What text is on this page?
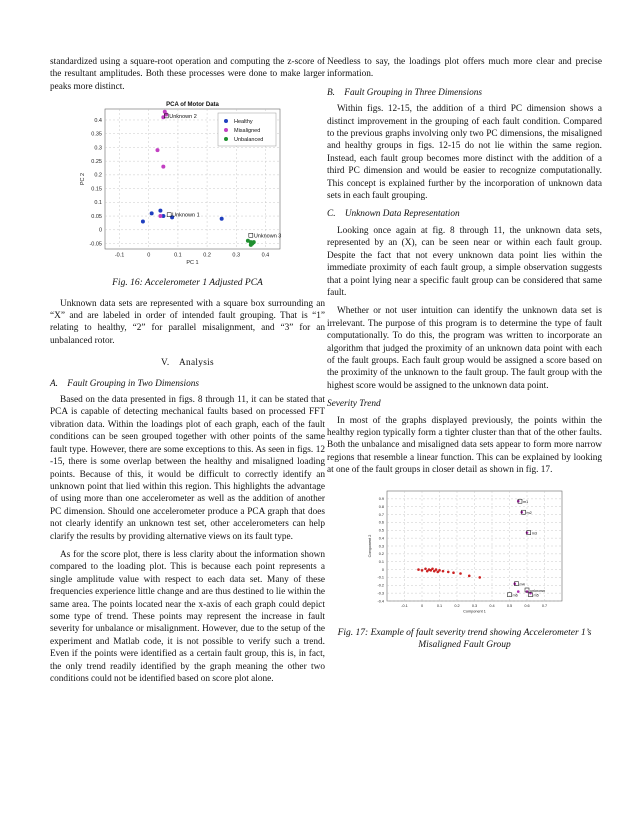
standardized using a square-root operation and computing the z-score of the resultant amplitudes. Both these processes were done to make larger peaks more distinct.

-0.1	0	0.1	0.2	0.3	0.4
-0.05
0
0.05
0.1
0.15
0.2
0.25
0.3
0.35
0.4
PCA of Motor Data
PC 1
PC 2
Unknown 2
Unknown 1
Unknown 3
Healthy
Misaligned
Unbalanced
Fig. 16: Accelerometer 1 Adjusted PCA

Unknown data sets are represented with a square box surrounding an “X” and are labeled in order of intended fault grouping. That is “1” relating to healthy, “2” for parallel misalignment, and “3” for an unbalanced rotor.

V. Analysis
A. Fault Grouping in Two Dimensions

Based on the data presented in figs. 8 through 11, it can be stated that PCA is capable of detecting mechanical faults based on processed FFT vibration data. Within the loadings plot of each graph, each of the fault conditions can be seen grouped together with other points of the same fault type. However, there are some exceptions to this. As seen in figs. 12 -15, there is some overlap between the healthy and misaligned loading points. Because of this, it would be difficult to correctly identify an unknown point that lied within this region. This highlights the advantage of using more than one accelerometer as well as the addition of another PC dimension. Should one accelerometer produce a PCA graph that does not clearly identify an unknown test set, other accelerometers can help clarify the results by providing alternative views on its fault type.

As for the score plot, there is less clarity about the information shown compared to the loading plot. This is because each point represents a single amplitude value with respect to each data set. Many of these frequencies experience little change and are thus destined to lie within the same area. The points located near the x-axis of each graph could depict some type of trend. These points may represent the increase in fault severity for unbalance or misalignment. However, due to the setup of the experiment and Matlab code, it is not possible to verify such a trend. Even if the points were identified as a certain fault group, this is, in fact, the only trend readily identified by the graph meaning the other two conditions could not be identified based on score plot alone.

Needless to say, the loadings plot offers much more clear and precise information.

B. Fault Grouping in Three Dimensions

Within figs. 12-15, the addition of a third PC dimension shows a distinct improvement in the grouping of each fault condition. Compared to the previous graphs involving only two PC dimensions, the misaligned and healthy groups in figs. 12-15 do not lie within the same region. Instead, each fault group becomes more distinct with the addition of a third PC dimension and would be easier to recognize computationally. This concept is explained further by the incorporation of unknown data sets in each fault grouping.

C. Unknown Data Representation

Looking once again at fig. 8 through 11, the unknown data sets, represented by an (X), can be seen near or within each fault group. Despite the fact that not every unknown data point lies within the immediate proximity of each fault group, a simple observation suggests that a point lying near a specific fault group can be considered that same fault.

Whether or not user intuition can identify the unknown data set is irrelevant. The purpose of this program is to determine the type of fault computationally. To do this, the program was written to incorporate an algorithm that judged the proximity of an unknown data point with each of the fault groups. Each fault group would be assigned a score based on the proximity of the unknown to the fault group. The fault group with the highest score would be assigned to the unknown data point.

Severity Trend

In most of the graphs displayed previously, the points within the healthy region typically form a tighter cluster than that of the other faults. Both the unbalance and misaligned data sets appear to form more narrow regions that resemble a linear function. This can be explained by looking at one of the fault groups in closer detail as shown in fig. 17.

-0.1	0	0.1	0.2	0.3	0.4	0.5	0.6	0.7
-0.4
-0.3
-0.2
-0.1
0
0.1
0.2
0.3
0.4
0.5
0.6
0.7
0.8
0.9
Component 1
Component 2
m1
m2
m3
m4
unknown
m6	m5
Fig. 17: Example of fault severity trend showing Accelerometer 1’s Misaligned Fault Group
